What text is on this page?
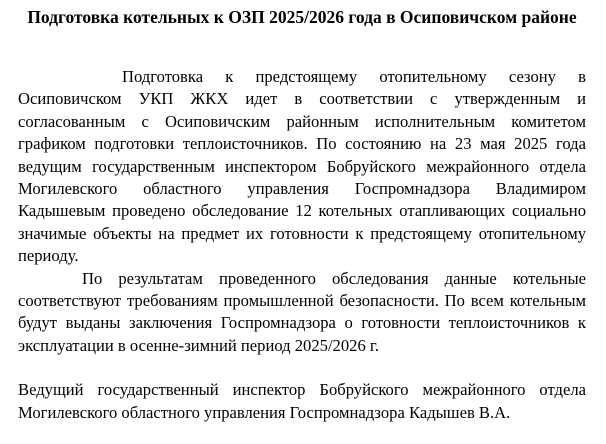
Подготовка котельных к ОЗП 2025/2026 года в Осиповичском районе

Подготовка к предстоящему отопительному сезону в Осиповичском УКП ЖКХ идет в соответствии с утвержденным и согласованным с Осиповичским районным исполнительным комитетом графиком подготовки теплоисточников. По состоянию на 23 мая 2025 года ведущим государственным инспектором Бобруйского межрайонного отдела Могилевского областного управления Госпромнадзора Владимиром Кадышевым проведено обследование 12 котельных отапливающих социально значимые объекты на предмет их готовности к предстоящему отопительному периоду.

По результатам проведенного обследования данные котельные соответствуют требованиям промышленной безопасности. По всем котельным будут выданы заключения Госпромнадзора о готовности теплоисточников к эксплуатации в осенне-зимний период 2025/2026 г.

Ведущий государственный инспектор Бобруйского межрайонного отдела Могилевского областного управления Госпромнадзора Кадышев В.А.
